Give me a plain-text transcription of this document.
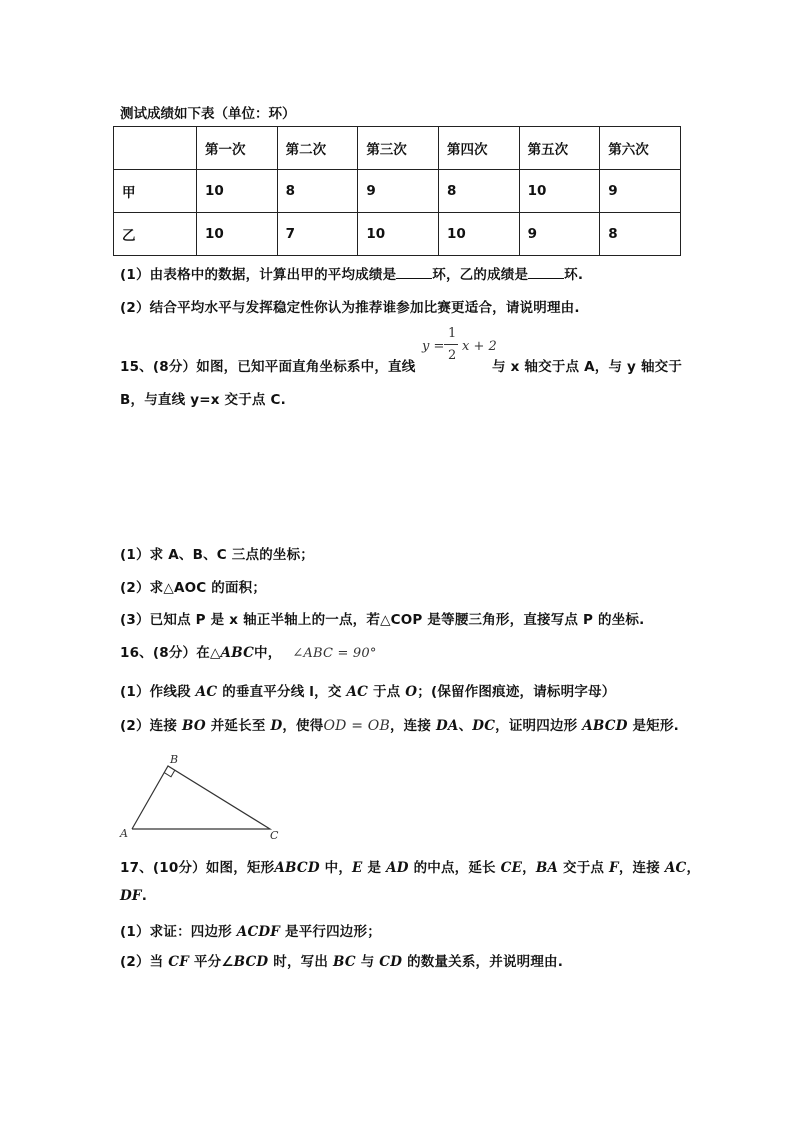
测试成绩如下表（单位：环）
	第一次	第二次	第三次	第四次	第五次	第六次
甲	10	8	9	8	10	9
乙	10	7	10	10	9	8
(1）由表格中的数据，计算出甲的平均成绩是	环，乙的成绩是	环.
(2）结合平均水平与发挥稳定性你认为推荐谁参加比赛更适合，请说明理由.
15、(8分）如图，已知平面直角坐标系中，直线
y =
1
2
x + 2
与 x 轴交于点 A，与 y 轴交于
B，与直线 y=x 交于点 C.
(1）求 A、B、C 三点的坐标；
(2）求△AOC 的面积；
(3）已知点 P 是 x 轴正半轴上的一点，若△COP 是等腰三角形，直接写点 P 的坐标.
16、(8分）在△ABC中， ∠ABC = 90°
(1）作线段 AC 的垂直平分线 l，交 AC 于点 O；(保留作图痕迹，请标明字母）
(2）连接 BO 并延长至 D，使得OD = OB，连接 DA、DC，证明四边形 ABCD 是矩形.
A
B
C
17、(10分）如图，矩形ABCD 中，E 是 AD 的中点，延长 CE，BA 交于点 F，连接 AC，
DF.
(1）求证：四边形 ACDF 是平行四边形；
(2）当 CF 平分∠BCD 时，写出 BC 与 CD 的数量关系，并说明理由.
